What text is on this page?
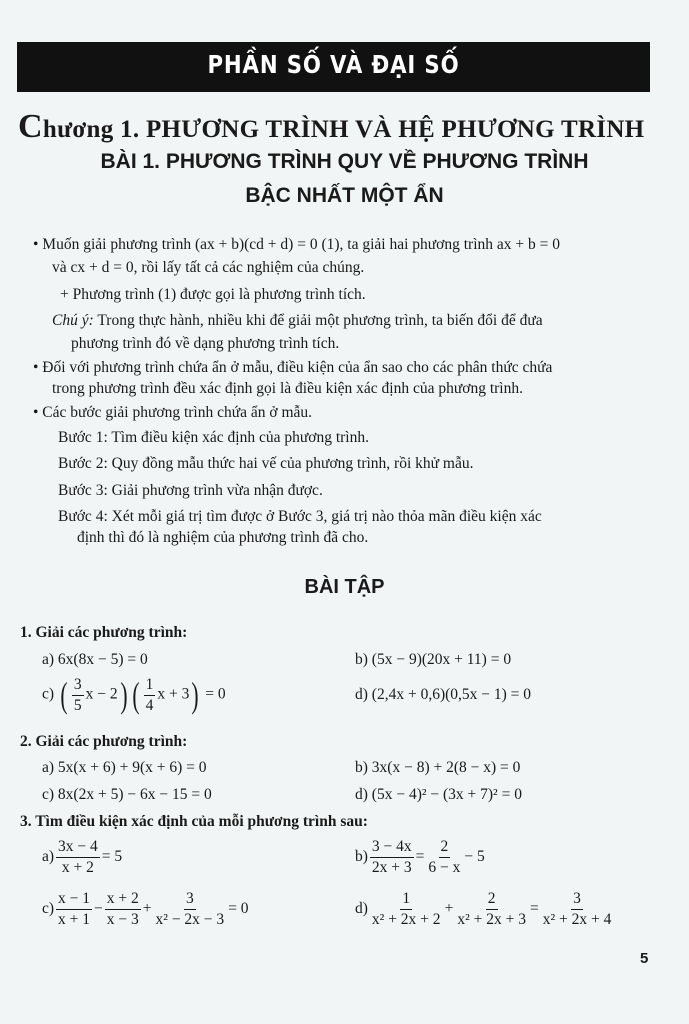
PHẦN SỐ VÀ ĐẠI SỐ
Chương 1. PHƯƠNG TRÌNH VÀ HỆ PHƯƠNG TRÌNH
BÀI 1. PHƯƠNG TRÌNH QUY VỀ PHƯƠNG TRÌNH
BẬC NHẤT MỘT ẨN
• Muốn giải phương trình (ax + b)(cd + d) = 0 (1), ta giải hai phương trình ax + b = 0
và cx + d = 0, rồi lấy tất cả các nghiệm của chúng.
+ Phương trình (1) được gọi là phương trình tích.
Chú ý: Trong thực hành, nhiều khi để giải một phương trình, ta biến đổi để đưa
phương trình đó về dạng phương trình tích.
• Đối với phương trình chứa ẩn ở mẫu, điều kiện của ẩn sao cho các phân thức chứa
trong phương trình đều xác định gọi là điều kiện xác định của phương trình.
• Các bước giải phương trình chứa ẩn ở mẫu.
Bước 1: Tìm điều kiện xác định của phương trình.
Bước 2: Quy đồng mẫu thức hai vế của phương trình, rồi khử mẫu.
Bước 3: Giải phương trình vừa nhận được.
Bước 4: Xét mỗi giá trị tìm được ở Bước 3, giá trị nào thỏa mãn điều kiện xác
định thì đó là nghiệm của phương trình đã cho.
BÀI TẬP
1. Giải các phương trình:
a) 6x(8x − 5) = 0	b) (5x − 9)(20x + 11) = 0
c) ( $\frac{3}{5}$ x − 2) ( $\frac{1}{4}$ x + 3) = 0	d) (2,4x + 0,6)(0,5x − 1) = 0
2. Giải các phương trình:
a) 5x(x + 6) + 9(x + 6) = 0	b) 3x(x − 8) + 2(8 − x) = 0
c) 8x(2x + 5) − 6x − 15 = 0	d) (5x − 4)² − (3x + 7)² = 0
3. Tìm điều kiện xác định của mỗi phương trình sau:
$a) \frac{3x - 4}{x + 2} = 5$	$b) \frac{3 - 4x}{2x + 3} = \frac{2}{6 - x} - 5$
$c) \frac{x - 1}{x + 1} - \frac{x + 2}{x - 3} + \frac{3}{\text{x² − 2x − 3}} = 0$	$d) \frac{1}{\text{x² + 2x + 2}} + \frac{2}{\text{x² + 2x + 3}} = \frac{3}{\text{x² + 2x + 4}}$
5
